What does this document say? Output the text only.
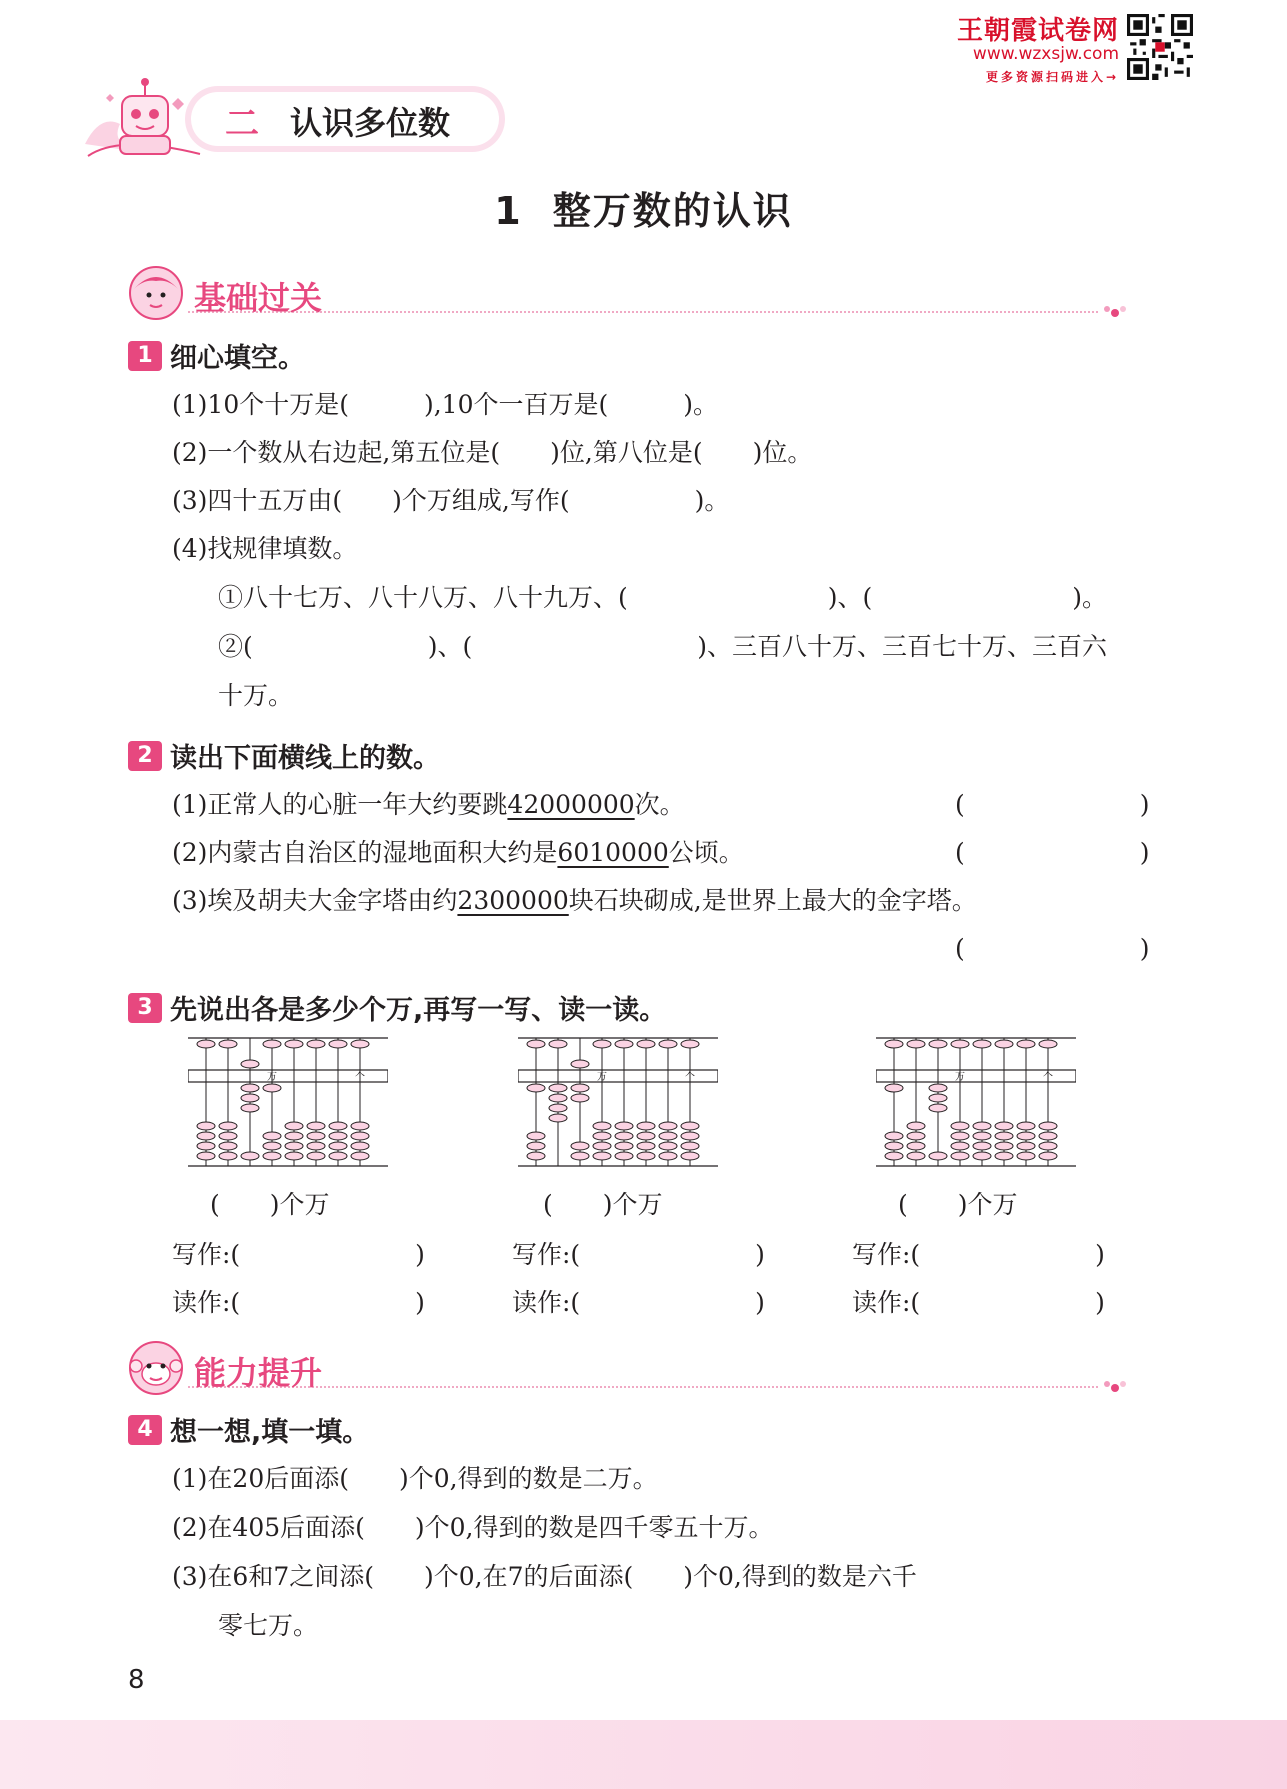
王朝霞试卷网
www.wzxsjw.com
更多资源扫码进入→
二 认识多位数
1 整万数的认识
基础过关
1 细心填空。
(1)10个十万是(　　　),10个一百万是(　　　)。
(2)一个数从右边起,第五位是(　　)位,第八位是(　　)位。
(3)四十五万由(　　)个万组成,写作(　　　　　)。
(4)找规律填数。
①八十七万、八十八万、八十九万、(　　　　　　　　)、(　　　　　　　　)。
②(　　　　　　　)、(　　　　　　　　　)、三百八十万、三百七十万、三百六
十万。
2 读出下面横线上的数。
(1)正常人的心脏一年大约要跳42000000次。	(　　　　　　　)
(2)内蒙古自治区的湿地面积大约是6010000公顷。	(　　　　　　　)
(3)埃及胡夫大金字塔由约2300000块石块砌成,是世界上最大的金字塔。
(　　　　　　　)
3 先说出各是多少个万,再写一写、读一读。
万	个	万	个	万	个
(　　)个万	(　　)个万	(　　)个万
写作:(　　　　　　　)	写作:(　　　　　　　)	写作:(　　　　　　　)
读作:(　　　　　　　)	读作:(　　　　　　　)	读作:(　　　　　　　)
能力提升
4 想一想,填一填。
(1)在20后面添(　　)个0,得到的数是二万。
(2)在405后面添(　　)个0,得到的数是四千零五十万。
(3)在6和7之间添(　　)个0,在7的后面添(　　)个0,得到的数是六千
零七万。
8
